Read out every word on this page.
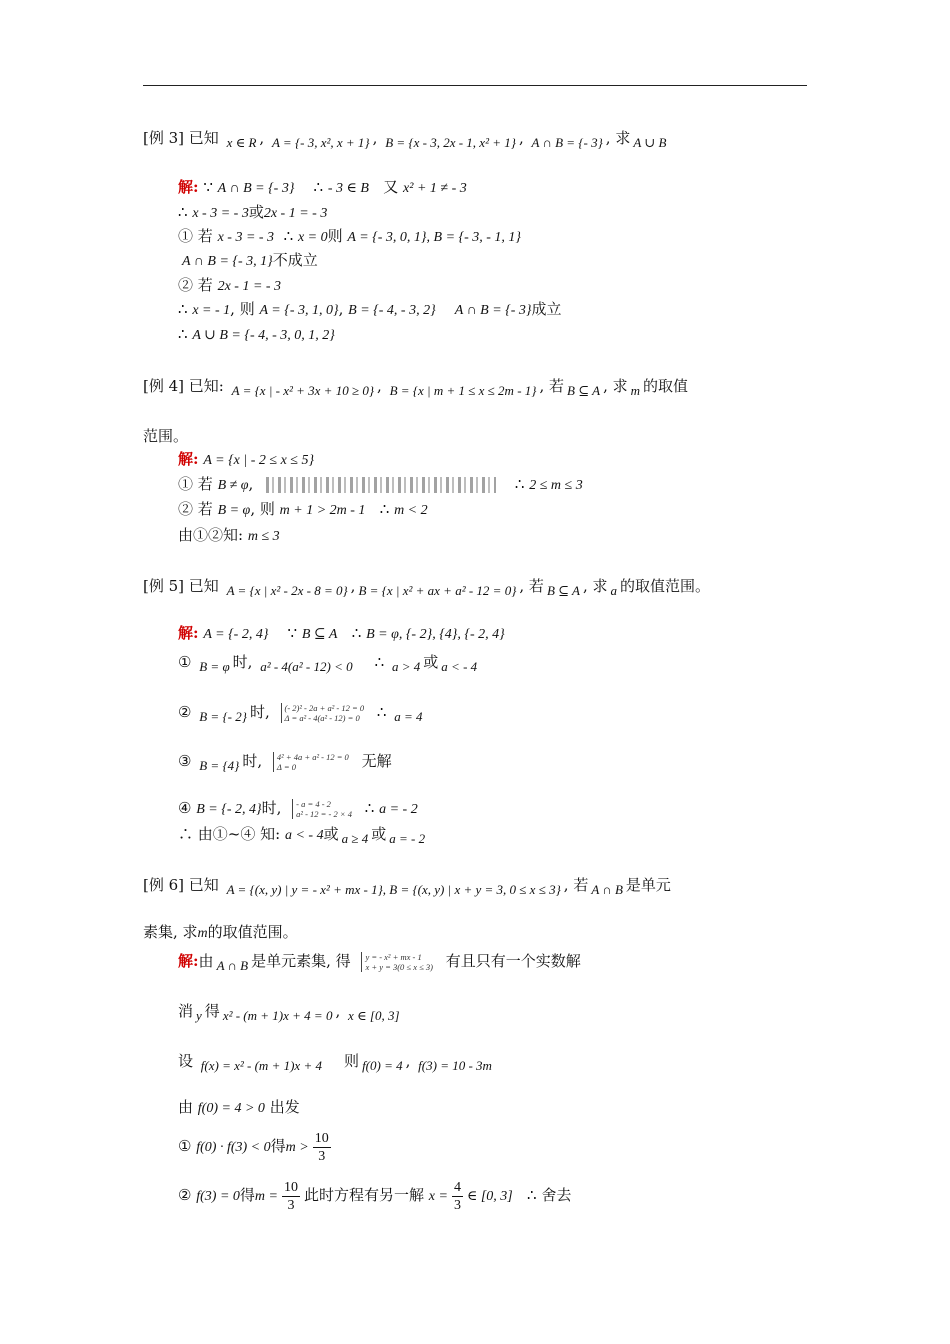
[例 3] 已知 x ∈ R , A = {- 3, x², x + 1} , B = {x - 3, 2x - 1, x² + 1} , A ∩ B = {- 3} , 求 A ∪ B
解: ∵ A ∩ B = {- 3} ∴ - 3 ∈ B 又 x² + 1 ≠ - 3
∴ x - 3 = - 3或2x - 1 = - 3
① 若 x - 3 = - 3 ∴ x = 0则 A = {- 3, 0, 1}, B = {- 3, - 1, 1}
A ∩ B = {- 3, 1}不成立
② 若 2x - 1 = - 3
∴ x = - 1, 则 A = {- 3, 1, 0}, B = {- 4, - 3, 2} A ∩ B = {- 3}成立
∴ A ∪ B = {- 4, - 3, 0, 1, 2}
[例 4] 已知: A = {x | - x² + 3x + 10 ≥ 0} , B = {x | m + 1 ≤ x ≤ 2m - 1} , 若 B ⊆ A , 求 m 的取值
范围。
解: A = {x | - 2 ≤ x ≤ 5}
① 若 B ≠ φ,	∴ 2 ≤ m ≤ 3
② 若 B = φ, 则 m + 1 > 2m - 1 ∴ m < 2
由①②知: m ≤ 3
[例 5] 已知 A = {x | x² - 2x - 8 = 0} , B = {x | x² + ax + a² - 12 = 0} , 若 B ⊆ A , 求 a 的取值范围。
解: A = {- 2, 4} ∵ B ⊆ A ∴ B = φ, {- 2}, {4}, {- 2, 4}
① B = φ 时, a² - 4(a² - 12) < 0 ∴ a > 4 或 a < - 4
② B = {- 2} 时, (- 2)² - 2a + a² - 12 = 0
Δ = a² - 4(a² - 12) = 0 ∴ a = 4
③ B = {4} 时, 4² + 4a + a² - 12 = 0
Δ = 0	无解
④ B = {- 2, 4}时, - a = 4 - 2
a² - 12 = - 2 × 4 ∴ a = - 2
∴ 由①~④ 知: a < - 4或 a ≥ 4 或 a = - 2
[例 6] 已知 A = {(x, y) | y = - x² + mx - 1}, B = {(x, y) | x + y = 3, 0 ≤ x ≤ 3} , 若 A ∩ B 是单元
素集, 求m的取值范围。
解:由 A ∩ B 是单元素集, 得 y = - x² + mx - 1
x + y = 3(0 ≤ x ≤ 3) 有且只有一个实数解
消 y 得 x² - (m + 1)x + 4 = 0 , x ∈ [0, 3]
设 f(x) = x² - (m + 1)x + 4 则 f(0) = 4 , f(3) = 10 - 3m
由 f(0) = 4 > 0 出发
① f(0) · f(3) < 0得$m > \frac{10}{3}$
② f(3) = 0得$m = \frac{10}{3}$ 此时方程有另一解 $x = \frac{4}{3}$ ∈ [0, 3] ∴ 舍去
